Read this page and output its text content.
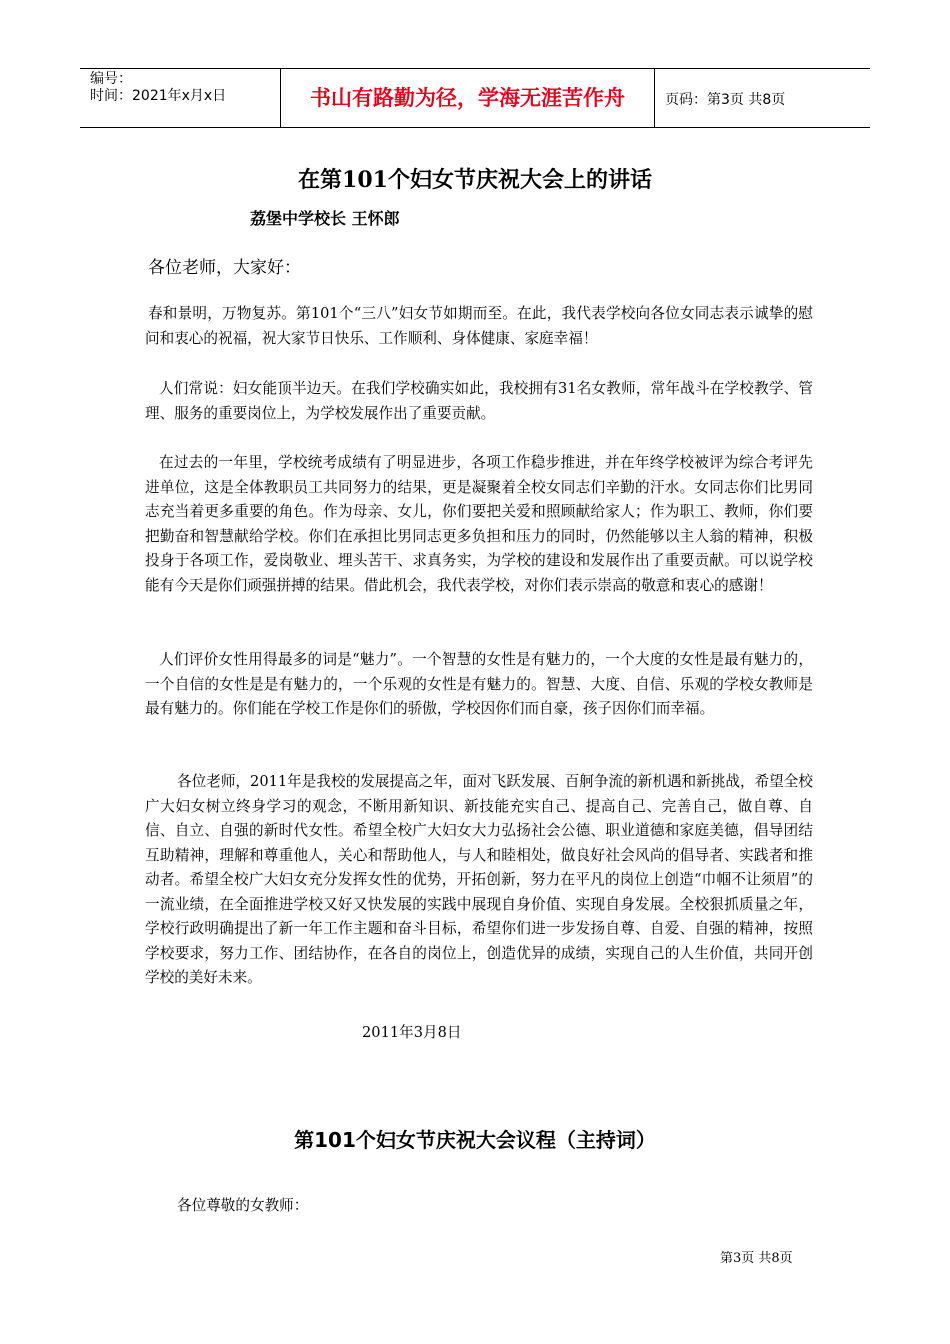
编号：
时间：2021年x月x日	书山有路勤为径，学海无涯苦作舟	页码：第3页 共8页
在第101个妇女节庆祝大会上的讲话
荔堡中学校长 王怀郎
各位老师，大家好：

春和景明，万物复苏。第101个“三八”妇女节如期而至。在此，我代表学校向各位女同志表示诚挚的慰问和衷心的祝福，祝大家节日快乐、工作顺利、身体健康、家庭幸福！

人们常说：妇女能顶半边天。在我们学校确实如此，我校拥有31名女教师，常年战斗在学校教学、管理、服务的重要岗位上，为学校发展作出了重要贡献。

在过去的一年里，学校统考成绩有了明显进步，各项工作稳步推进，并在年终学校被评为综合考评先进单位，这是全体教职员工共同努力的结果，更是凝聚着全校女同志们辛勤的汗水。女同志你们比男同志充当着更多重要的角色。作为母亲、女儿，你们要把关爱和照顾献给家人；作为职工、教师，你们要把勤奋和智慧献给学校。你们在承担比男同志更多负担和压力的同时，仍然能够以主人翁的精神，积极投身于各项工作，爱岗敬业、埋头苦干、求真务实，为学校的建设和发展作出了重要贡献。可以说学校能有今天是你们顽强拼搏的结果。借此机会，我代表学校，对你们表示崇高的敬意和衷心的感谢！

人们评价女性用得最多的词是“魅力”。一个智慧的女性是有魅力的，一个大度的女性是最有魅力的，一个自信的女性是是有魅力的，一个乐观的女性是有魅力的。智慧、大度、自信、乐观的学校女教师是最有魅力的。你们能在学校工作是你们的骄傲，学校因你们而自豪，孩子因你们而幸福。

各位老师，2011年是我校的发展提高之年，面对飞跃发展、百舸争流的新机遇和新挑战，希望全校广大妇女树立终身学习的观念，不断用新知识、新技能充实自己、提高自己、完善自己，做自尊、自信、自立、自强的新时代女性。希望全校广大妇女大力弘扬社会公德、职业道德和家庭美德，倡导团结互助精神，理解和尊重他人，关心和帮助他人，与人和睦相处，做良好社会风尚的倡导者、实践者和推动者。希望全校广大妇女充分发挥女性的优势，开拓创新，努力在平凡的岗位上创造“巾帼不让须眉”的一流业绩，在全面推进学校又好又快发展的实践中展现自身价值、实现自身发展。全校狠抓质量之年，学校行政明确提出了新一年工作主题和奋斗目标，希望你们进一步发扬自尊、自爱、自强的精神，按照学校要求，努力工作、团结协作，在各自的岗位上，创造优异的成绩，实现自己的人生价值，共同开创学校的美好未来。

2011年3月8日
第101个妇女节庆祝大会议程（主持词）
各位尊敬的女教师：
第3页 共8页
